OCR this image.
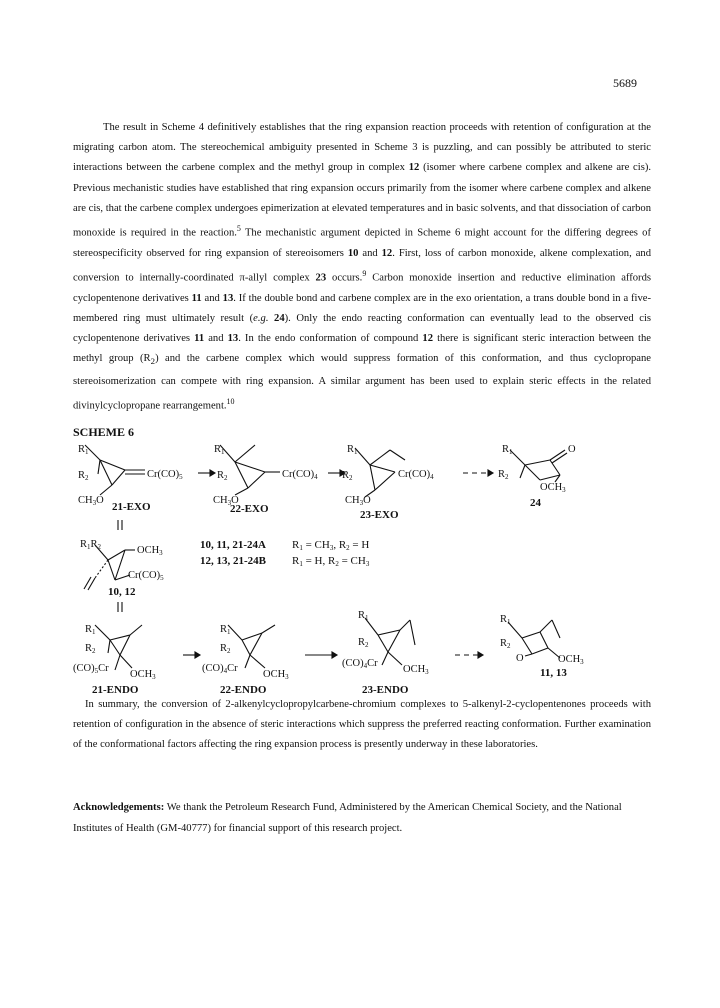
5689
The result in Scheme 4 definitively establishes that the ring expansion reaction proceeds with retention of configuration at the migrating carbon atom. The stereochemical ambiguity presented in Scheme 3 is puzzling, and can possibly be attributed to steric interactions between the carbene complex and the methyl group in complex 12 (isomer where carbene complex and alkene are cis). Previous mechanistic studies have established that ring expansion occurs primarily from the isomer where carbene complex and alkene are cis, that the carbene complex undergoes epimerization at elevated temperatures and in basic solvents, and that dissociation of carbon monoxide is required in the reaction.$^5$ The mechanistic argument depicted in Scheme 6 might account for the differing degrees of stereospecificity observed for ring expansion of stereoisomers 10 and 12. First, loss of carbon monoxide, alkene complexation, and conversion to internally-coordinated π-allyl complex 23 occurs.$^9$ Carbon monoxide insertion and reductive elimination affords cyclopentenone derivatives 11 and 13. If the double bond and carbene complex are in the exo orientation, a trans double bond in a five-membered ring must ultimately result (e.g. 24). Only the endo reacting conformation can eventually lead to the observed cis cyclopentenone derivatives 11 and 13. In the endo conformation of compound 12 there is significant steric interaction between the methyl group $(R_2)$ and the carbene complex which would suppress formation of this conformation, and thus cyclopropane stereoisomerization can compete with ring expansion. A similar argument has been used to explain steric effects in the related divinylcyclopropane rearrangement.$^{10}$
SCHEME 6
R1
R2	Cr(CO)5
CH3O
21-EXO
R1
R2	Cr(CO)4
CH3O
22-EXO
R1
R2	Cr(CO)4
CH3O
23-EXO
R1
R2
O
OCH3
24
R1R2	OCH3
Cr(CO)5
10, 12
10, 11, 21-24A R1 = CH3, R2 = H
12, 13, 21-24B R1 = H, R2 = CH3
R1
R2
(CO)5Cr
OCH3
21-ENDO
R1
R2
(CO)4Cr
OCH3
22-ENDO
R1
R2
(CO)4Cr
OCH3
23-ENDO
R1
R2
O	OCH3
11, 13
In summary, the conversion of 2-alkenylcyclopropylcarbene-chromium complexes to 5-alkenyl-2-cyclopentenones proceeds with retention of configuration in the absence of steric interactions which suppress the preferred reacting conformation. Further examination of the conformational factors affecting the ring expansion process is presently underway in these laboratories.
Acknowledgements: We thank the Petroleum Research Fund, Administered by the American Chemical Society, and the National Institutes of Health (GM-40777) for financial support of this research project.
